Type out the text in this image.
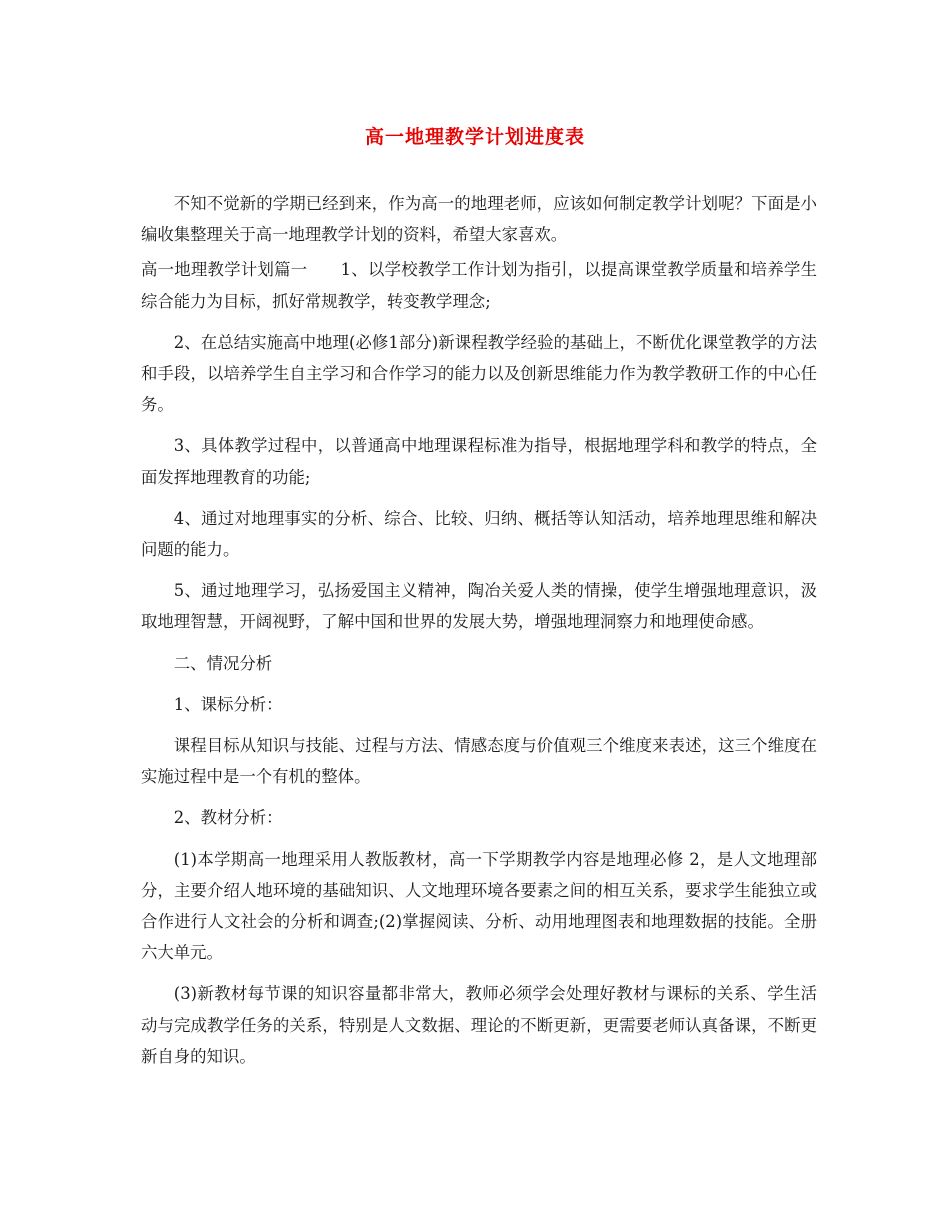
高一地理教学计划进度表

不知不觉新的学期已经到来，作为高一的地理老师，应该如何制定教学计划呢？下面是小编收集整理关于高一地理教学计划的资料，希望大家喜欢。

高一地理教学计划篇一　　1、以学校教学工作计划为指引，以提高课堂教学质量和培养学生综合能力为目标，抓好常规教学，转变教学理念;

2、在总结实施高中地理(必修1部分)新课程教学经验的基础上，不断优化课堂教学的方法和手段，以培养学生自主学习和合作学习的能力以及创新思维能力作为教学教研工作的中心任务。

3、具体教学过程中，以普通高中地理课程标准为指导，根据地理学科和教学的特点，全面发挥地理教育的功能;

4、通过对地理事实的分析、综合、比较、归纳、概括等认知活动，培养地理思维和解决问题的能力。

5、通过地理学习，弘扬爱国主义精神，陶冶关爱人类的情操，使学生增强地理意识，汲取地理智慧，开阔视野，了解中国和世界的发展大势，增强地理洞察力和地理使命感。

二、情况分析

1、课标分析：

课程目标从知识与技能、过程与方法、情感态度与价值观三个维度来表述，这三个维度在实施过程中是一个有机的整体。

2、教材分析：

(1)本学期高一地理采用人教版教材，高一下学期教学内容是地理必修 2，是人文地理部分，主要介绍人地环境的基础知识、人文地理环境各要素之间的相互关系，要求学生能独立或合作进行人文社会的分析和调查;(2)掌握阅读、分析、动用地理图表和地理数据的技能。全册六大单元。

(3)新教材每节课的知识容量都非常大，教师必须学会处理好教材与课标的关系、学生活动与完成教学任务的关系，特别是人文数据、理论的不断更新，更需要老师认真备课，不断更新自身的知识。
